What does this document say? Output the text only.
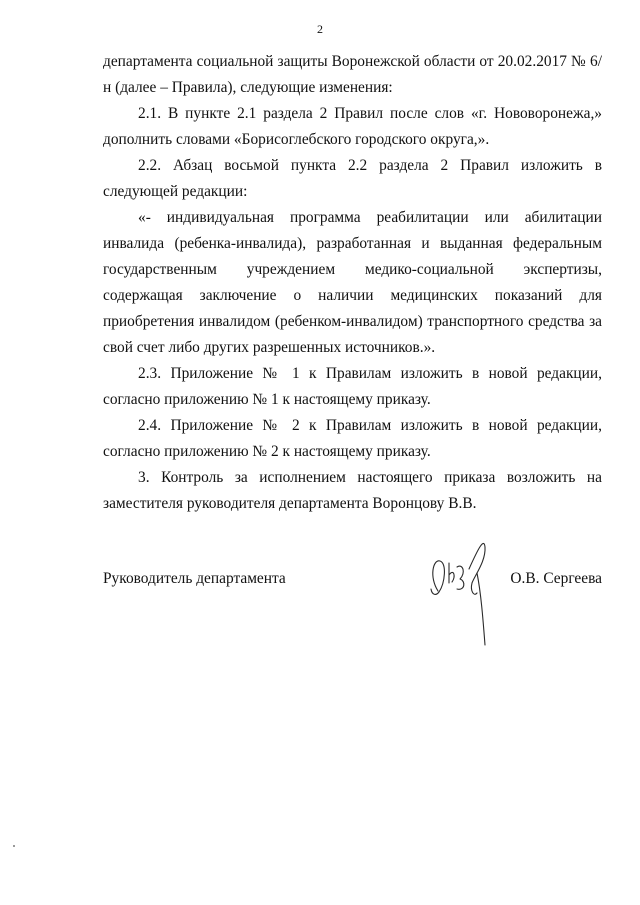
2

департамента социальной защиты Воронежской области от 20.02.2017 № 6/н (далее – Правила), следующие изменения:

2.1. В пункте 2.1 раздела 2 Правил после слов «г. Нововоронежа,» дополнить словами «Борисоглебского городского округа,».

2.2. Абзац восьмой пункта 2.2 раздела 2 Правил изложить в следующей редакции:

«- индивидуальная программа реабилитации или абилитации инвалида (ребенка-инвалида), разработанная и выданная федеральным государственным учреждением медико-социальной экспертизы, содержащая заключение о наличии медицинских показаний для приобретения инвалидом (ребенком-инвалидом) транспортного средства за свой счет либо других разрешенных источников.».

2.3. Приложение № 1 к Правилам изложить в новой редакции, согласно приложению № 1 к настоящему приказу.

2.4. Приложение № 2 к Правилам изложить в новой редакции, согласно приложению № 2 к настоящему приказу.

3. Контроль за исполнением настоящего приказа возложить на заместителя руководителя департамента Воронцову В.В.

Руководитель департамента	О.В. Сергеева
